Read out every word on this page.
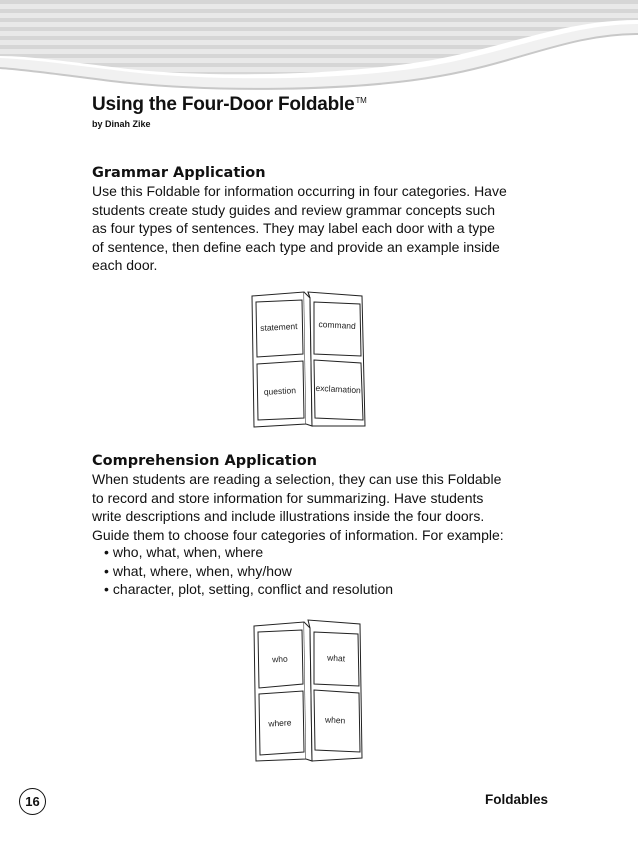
Using the Four-Door Foldable™
by Dinah Zike
Grammar Application

Use this Foldable for information occurring in four categories. Have
students create study guides and review grammar concepts such
as four types of sentences. They may label each door with a type
of sentence, then define each type and provide an example inside
each door.

statement command
question exclamation
Comprehension Application

When students are reading a selection, they can use this Foldable
to record and store information for summarizing. Have students
write descriptions and include illustrations inside the four doors.
Guide them to choose four categories of information. For example:

• who, what, when, where
• what, where, when, why/how
• character, plot, setting, conflict and resolution
who	what
where	when
16	Foldables
